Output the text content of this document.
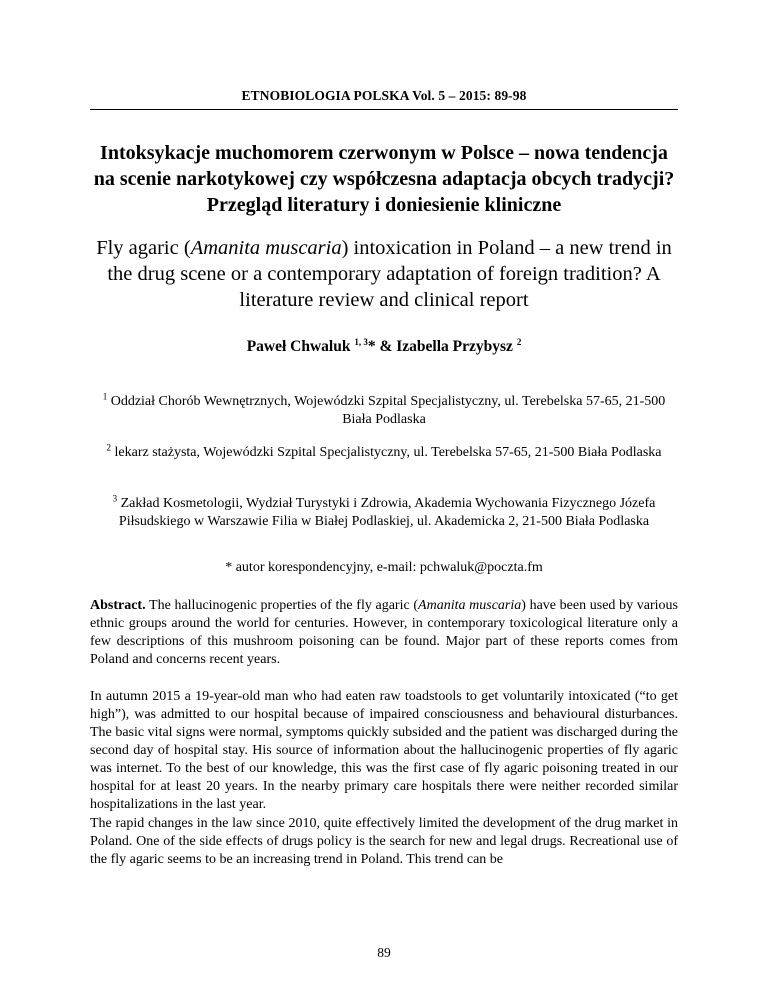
ETNOBIOLOGIA POLSKA Vol. 5 – 2015: 89-98
Intoksykacje muchomorem czerwonym w Polsce – nowa tendencja na scenie narkotykowej czy współczesna adaptacja obcych tradycji? Przegląd literatury i doniesienie kliniczne
Fly agaric (Amanita muscaria) intoxication in Poland – a new trend in the drug scene or a contemporary adaptation of foreign tradition? A literature review and clinical report
Paweł Chwaluk $^{1, 3}$* & Izabella Przybysz $^2$
$^1$ Oddział Chorób Wewnętrznych, Wojewódzki Szpital Specjalistyczny, ul. Terebelska 57-65, 21-500 Biała Podlaska
$^2$ lekarz stażysta, Wojewódzki Szpital Specjalistyczny, ul. Terebelska 57-65, 21-500 Biała Podlaska
$^3$ Zakład Kosmetologii, Wydział Turystyki i Zdrowia, Akademia Wychowania Fizycznego Józefa Piłsudskiego w Warszawie Filia w Białej Podlaskiej, ul. Akademicka 2, 21-500 Biała Podlaska
* autor korespondencyjny, e-mail: pchwaluk@poczta.fm
Abstract. The hallucinogenic properties of the fly agaric (Amanita muscaria) have been used by various ethnic groups around the world for centuries. However, in contemporary toxicological literature only a few descriptions of this mushroom poisoning can be found. Major part of these reports comes from Poland and concerns recent years.
In autumn 2015 a 19-year-old man who had eaten raw toadstools to get voluntarily intoxicated (“to get high”), was admitted to our hospital because of impaired consciousness and behavioural disturbances. The basic vital signs were normal, symptoms quickly subsided and the patient was discharged during the second day of hospital stay. His source of information about the hallucinogenic properties of fly agaric was internet. To the best of our knowledge, this was the first case of fly agaric poisoning treated in our hospital for at least 20 years. In the nearby primary care hospitals there were neither recorded similar hospitalizations in the last year.
The rapid changes in the law since 2010, quite effectively limited the development of the drug market in Poland. One of the side effects of drugs policy is the search for new and legal drugs. Recreational use of the fly agaric seems to be an increasing trend in Poland. This trend can be
89
